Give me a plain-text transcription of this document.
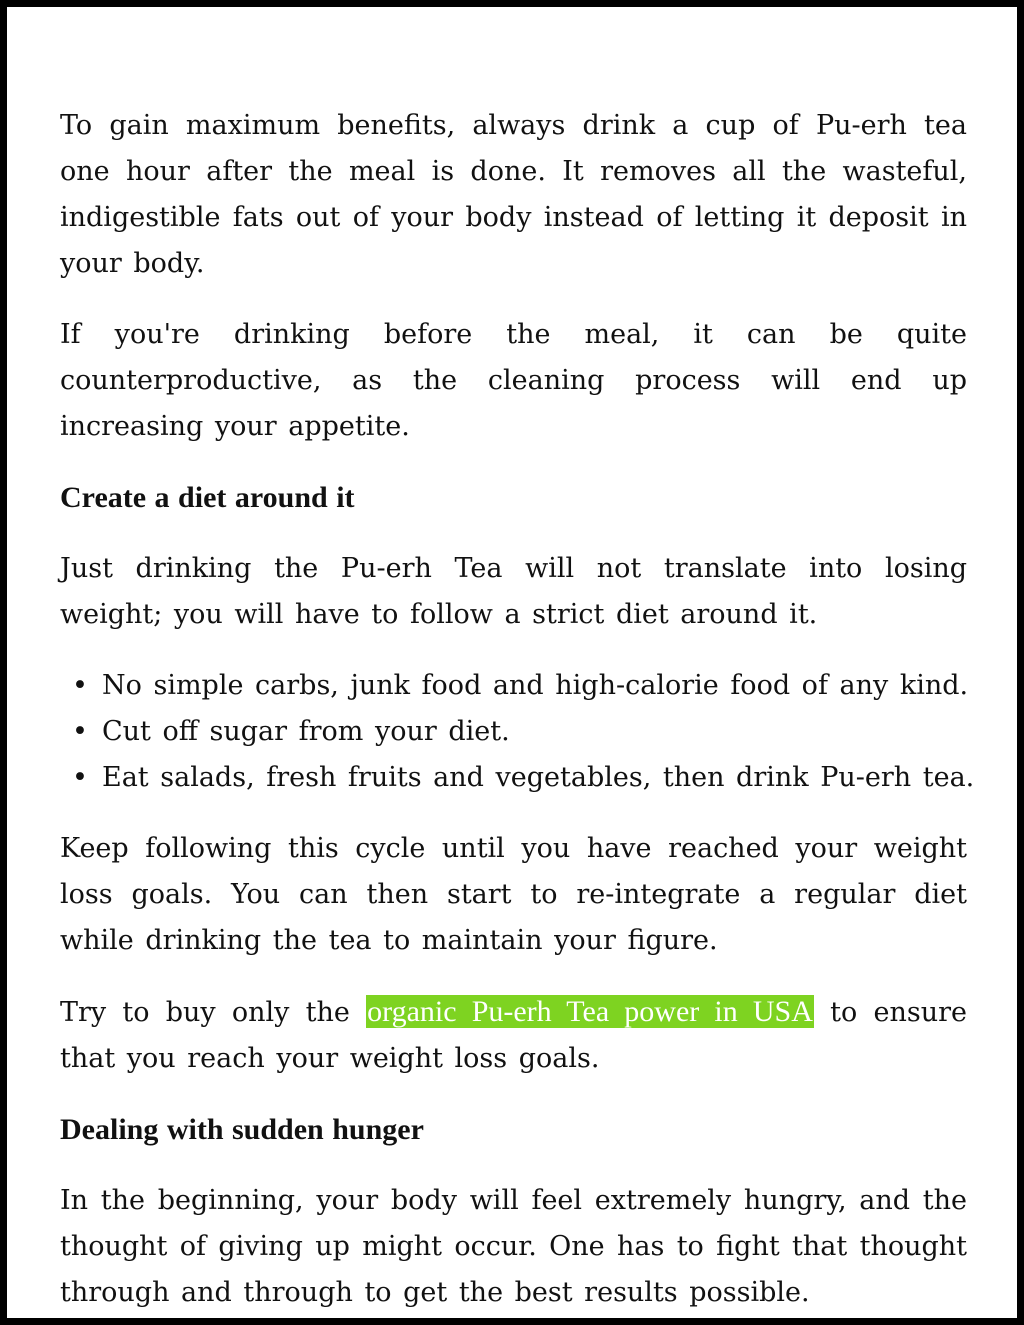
To gain maximum benefits, always drink a cup of Pu-erh tea one hour after the meal is done. It removes all the wasteful, indigestible fats out of your body instead of letting it deposit in your body.

If you're drinking before the meal, it can be quite counterproductive, as the cleaning process will end up increasing your appetite.

Create a diet around it

Just drinking the Pu-erh Tea will not translate into losing weight; you will have to follow a strict diet around it.

• No simple carbs, junk food and high-calorie food of any kind.
• Cut off sugar from your diet.
• Eat salads, fresh fruits and vegetables, then drink Pu-erh tea.

Keep following this cycle until you have reached your weight loss goals. You can then start to re-integrate a regular diet while drinking the tea to maintain your figure.

Try to buy only the organic Pu-erh Tea power in USA to ensure that you reach your weight loss goals.

Dealing with sudden hunger

In the beginning, your body will feel extremely hungry, and the thought of giving up might occur. One has to fight that thought through and through to get the best results possible.
